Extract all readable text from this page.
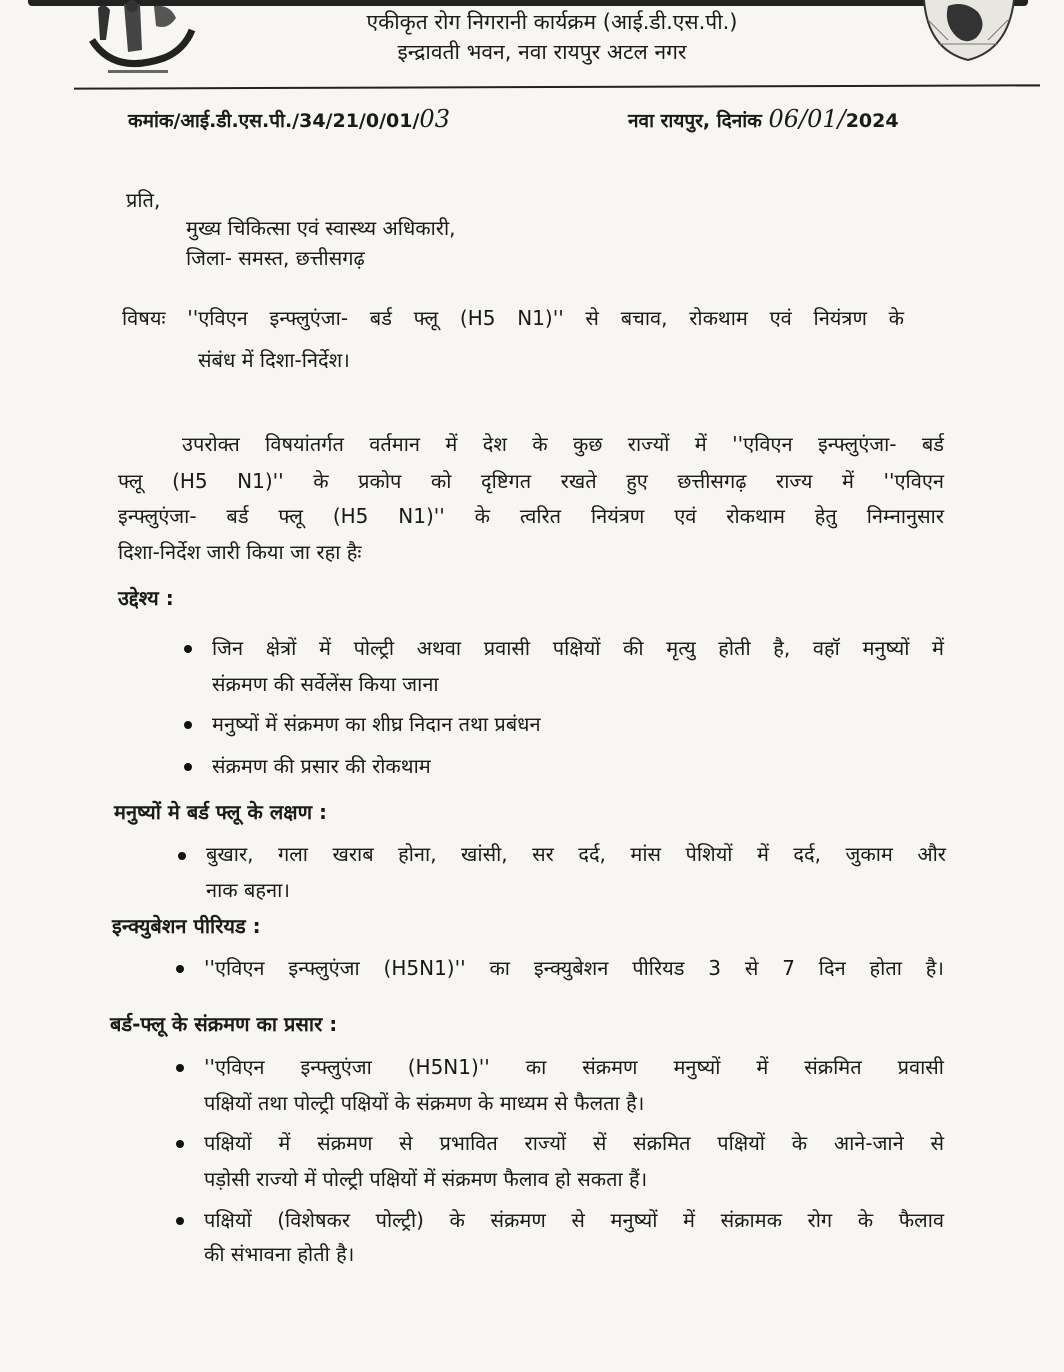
एकीकृत रोग निगरानी कार्यक्रम (आई.डी.एस.पी.)
इन्द्रावती भवन, नवा रायपुर अटल नगर
कमांक/आई.डी.एस.पी./34/21/0/01/03	नवा रायपुर, दिनांक 06/01/2024
प्रति,
मुख्य चिकित्सा एवं स्वास्थ्य अधिकारी,
जिला- समस्त, छत्तीसगढ़
विषयः ''एविएन इन्फ्लुएंजा- बर्ड फ्लू (H5 N1)'' से बचाव, रोकथाम एवं नियंत्रण के
संबंध में दिशा-निर्देश।
उपरोक्त विषयांतर्गत वर्तमान में देश के कुछ राज्यों में ''एविएन इन्फ्लुएंजा- बर्ड
फ्लू (H5 N1)'' के प्रकोप को दृष्टिगत रखते हुए छत्तीसगढ़ राज्य में ''एविएन
इन्फ्लुएंजा- बर्ड फ्लू (H5 N1)'' के त्वरित नियंत्रण एवं रोकथाम हेतु निम्नानुसार
दिशा-निर्देश जारी किया जा रहा हैः
उद्देश्य :
जिन क्षेत्रों में पोल्ट्री अथवा प्रवासी पक्षियों की मृत्यु होती है, वहॉ मनुष्यों में
संक्रमण की सर्वेलेंस किया जाना
मनुष्यों में संक्रमण का शीघ्र निदान तथा प्रबंधन
संक्रमण की प्रसार की रोकथाम
मनुष्यों मे बर्ड फ्लू के लक्षण :
बुखार, गला खराब होना, खांसी, सर दर्द, मांस पेशियों में दर्द, जुकाम और
नाक बहना।
इन्क्युबेशन पीरियड :
''एविएन इन्फ्लुएंजा (H5N1)'' का इन्क्युबेशन पीरियड 3 से 7 दिन होता है।
बर्ड-फ्लू के संक्रमण का प्रसार :
''एविएन इन्फ्लुएंजा (H5N1)'' का संक्रमण मनुष्यों में संक्रमित प्रवासी
पक्षियों तथा पोल्ट्री पक्षियों के संक्रमण के माध्यम से फैलता है।
पक्षियों में संक्रमण से प्रभावित राज्यों सें संक्रमित पक्षियों के आने-जाने से
पड़ोसी राज्यो में पोल्ट्री पक्षियों में संक्रमण फैलाव हो सकता हैं।
पक्षियों (विशेषकर पोल्ट्री) के संक्रमण से मनुष्यों में संक्रामक रोग के फैलाव
की संभावना होती है।
